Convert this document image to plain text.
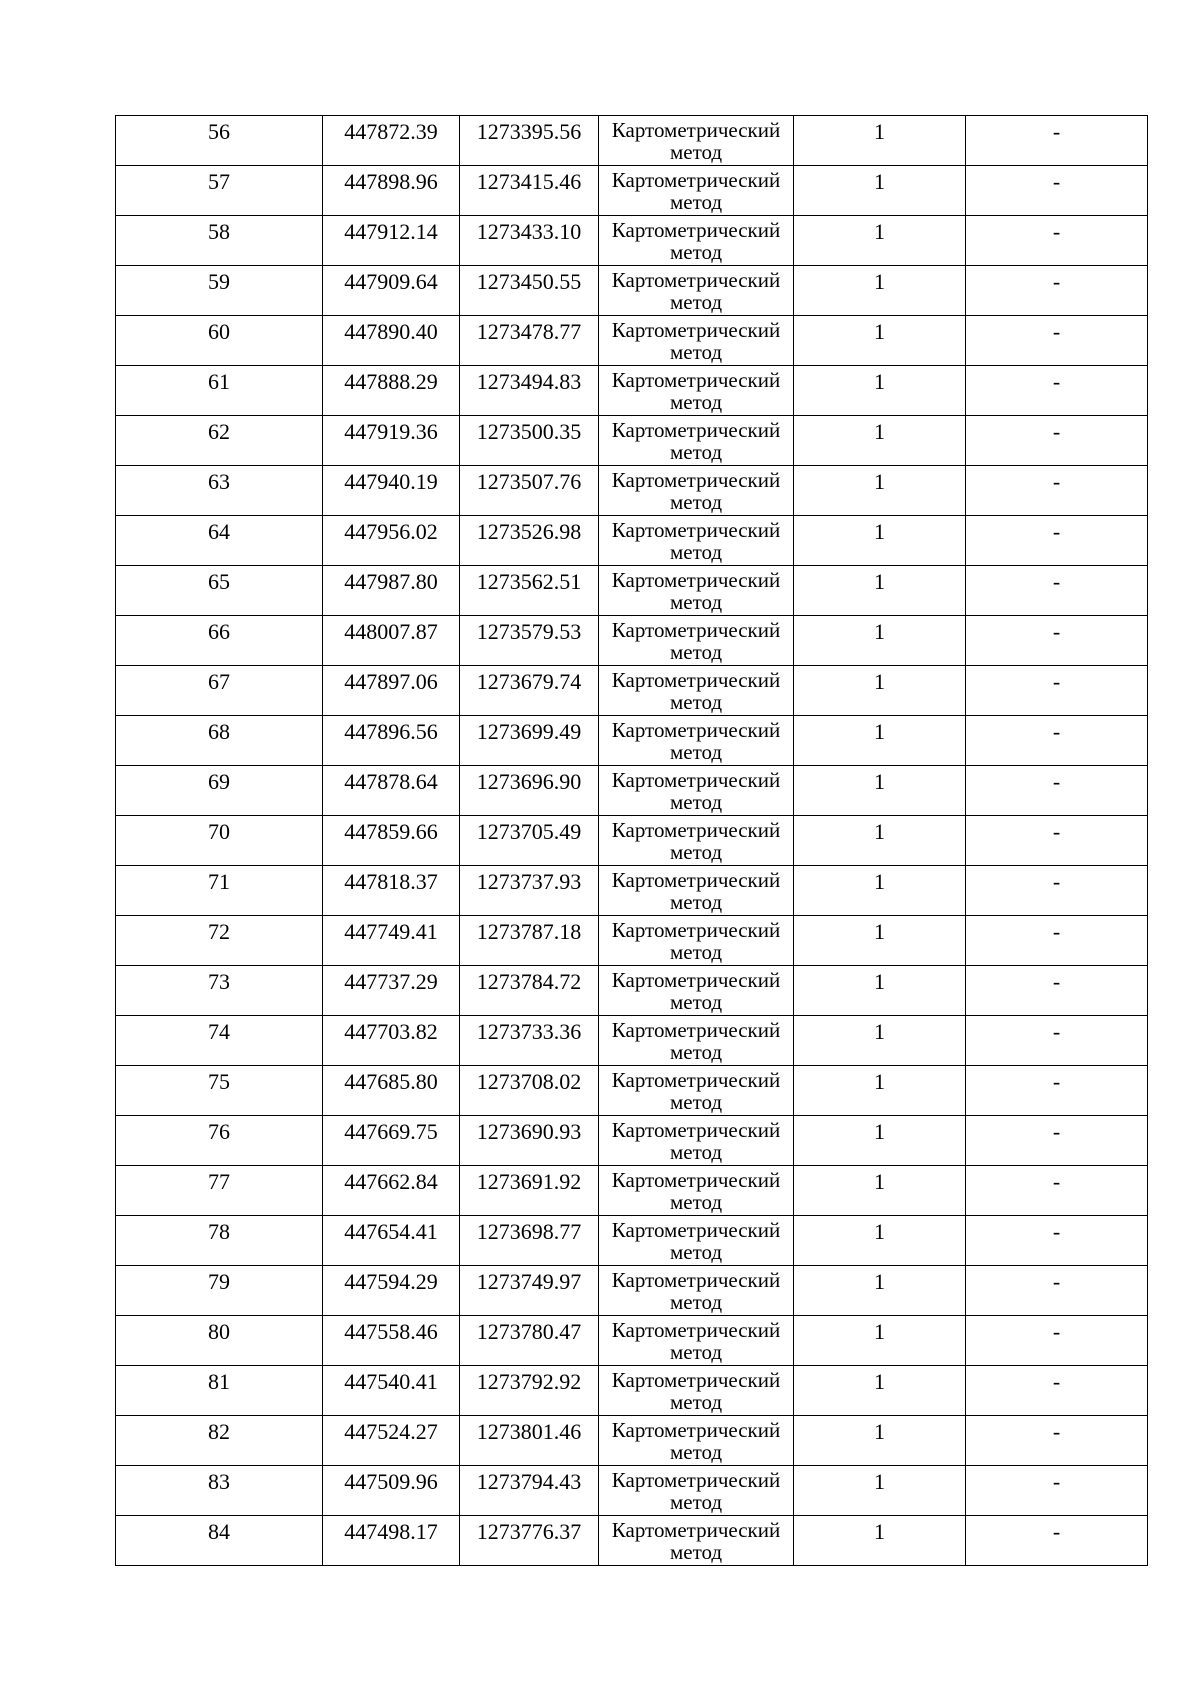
56	447872.39	1273395.56	Картометрический
метод	1	-

57	447898.96	1273415.46	Картометрический
метод	1	-

58	447912.14	1273433.10	Картометрический
метод	1	-

59	447909.64	1273450.55	Картометрический
метод	1	-

60	447890.40	1273478.77	Картометрический
метод	1	-

61	447888.29	1273494.83	Картометрический
метод	1	-

62	447919.36	1273500.35	Картометрический
метод	1	-

63	447940.19	1273507.76	Картометрический
метод	1	-

64	447956.02	1273526.98	Картометрический
метод	1	-

65	447987.80	1273562.51	Картометрический
метод	1	-

66	448007.87	1273579.53	Картометрический
метод	1	-

67	447897.06	1273679.74	Картометрический
метод	1	-

68	447896.56	1273699.49	Картометрический
метод	1	-

69	447878.64	1273696.90	Картометрический
метод	1	-

70	447859.66	1273705.49	Картометрический
метод	1	-

71	447818.37	1273737.93	Картометрический
метод	1	-

72	447749.41	1273787.18	Картометрический
метод	1	-

73	447737.29	1273784.72	Картометрический
метод	1	-

74	447703.82	1273733.36	Картометрический
метод	1	-

75	447685.80	1273708.02	Картометрический
метод	1	-

76	447669.75	1273690.93	Картометрический
метод	1	-

77	447662.84	1273691.92	Картометрический
метод	1	-

78	447654.41	1273698.77	Картометрический
метод	1	-

79	447594.29	1273749.97	Картометрический
метод	1	-

80	447558.46	1273780.47	Картометрический
метод	1	-

81	447540.41	1273792.92	Картометрический
метод	1	-

82	447524.27	1273801.46	Картометрический
метод	1	-

83	447509.96	1273794.43	Картометрический
метод	1	-

84	447498.17	1273776.37	Картометрический
метод	1	-
